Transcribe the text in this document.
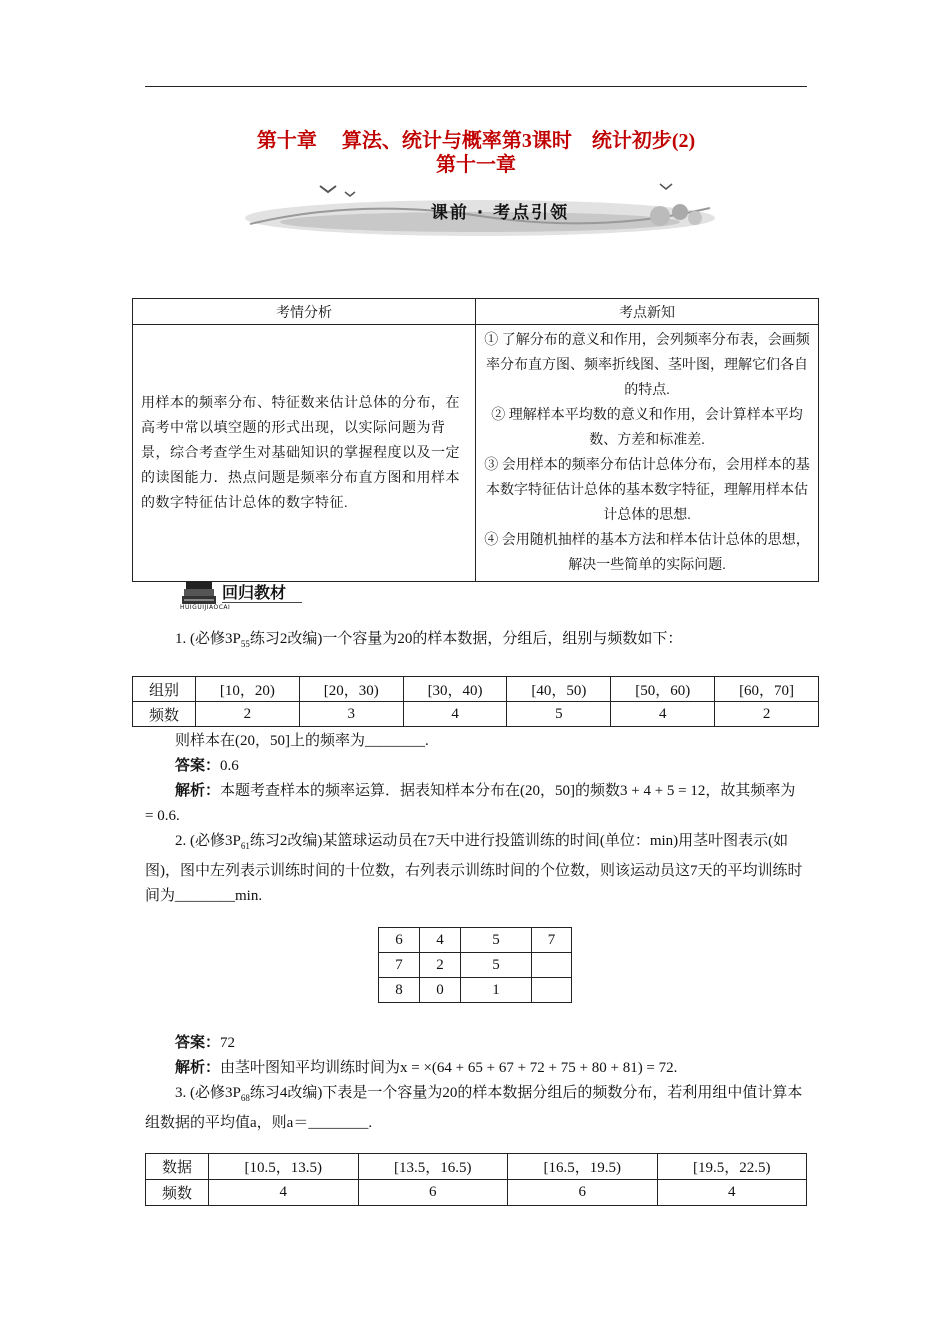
第十章　 算法、统计与概率第3课时　统计初步(2)
第十一章
课前 · 考点引领
考情分析	考点新知
用样本的频率分布、特征数来估计总体的分布，在高考中常以填空题的形式出现，以实际问题为背景，综合考查学生对基础知识的掌握程度以及一定的读图能力．热点问题是频率分布直方图和用样本的数字特征估计总体的数字特征.	① 了解分布的意义和作用，会列频率分布表，会画频率分布直方图、频率折线图、茎叶图，理解它们各自的特点.
② 理解样本平均数的意义和作用，会计算样本平均数、方差和标准差.
③ 会用样本的频率分布估计总体分布，会用样本的基本数字特征估计总体的基本数字特征，理解用样本估计总体的思想.
④ 会用随机抽样的基本方法和样本估计总体的思想，解决一些简单的实际问题.
回归教材
HUIGUIJIAOCAI
1. (必修$3P_{55}$练习2改编)一个容量为20的样本数据，分组后，组别与频数如下：
组别	[10，20)	[20，30)	[30，40)	[40，50)	[50，60)	[60，70]
频数	2	3	4	5	4	2
则样本在(20，50]上的频率为________.
答案：0.6
解析：本题考查样本的频率运算．据表知样本分布在(20，50]的频数3 + 4 + 5 = 12，故其频率为 = 0.6.
2. (必修$3P_{61}$练习2改编)某篮球运动员在7天中进行投篮训练的时间(单位：min)用茎叶图表示(如图)，图中左列表示训练时间的十位数，右列表示训练时间的个位数，则该运动员这7天的平均训练时间为________min.
6	4	5	7
7	2	5	
8	0	1	
答案：72
解析：由茎叶图知平均训练时间为x = ×(64 + 65 + 67 + 72 + 75 + 80 + 81) = 72.
3. (必修$3P_{68}$练习4改编)下表是一个容量为20的样本数据分组后的频数分布，若利用组中值计算本组数据的平均值a，则a＝________.
数据	[10.5，13.5)	[13.5，16.5)	[16.5，19.5)	[19.5，22.5)
频数	4	6	6	4
